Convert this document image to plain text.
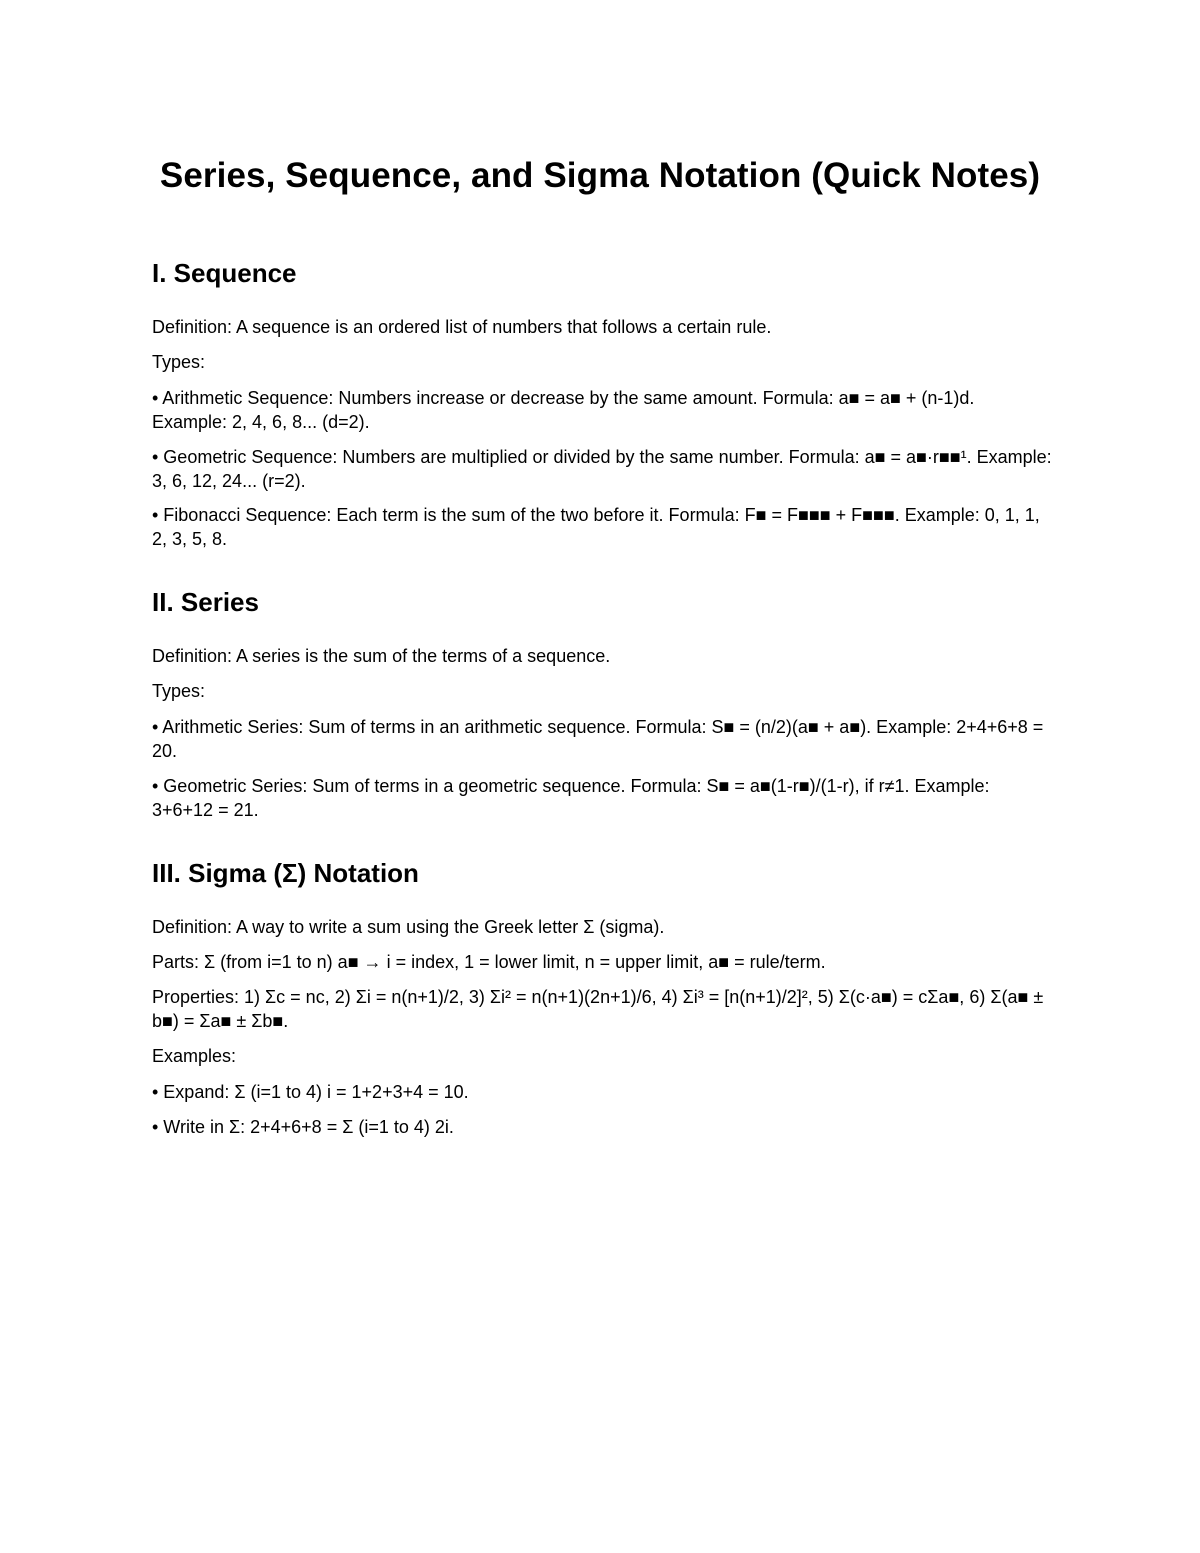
Series, Sequence, and Sigma Notation (Quick Notes)
I. Sequence

Definition: A sequence is an ordered list of numbers that follows a certain rule.

Types:

• Arithmetic Sequence: Numbers increase or decrease by the same amount. Formula: a■ = a■ + (n-1)d. Example: 2, 4, 6, 8... (d=2).

• Geometric Sequence: Numbers are multiplied or divided by the same number. Formula: a■ = a■·r■■¹. Example: 3, 6, 12, 24... (r=2).

• Fibonacci Sequence: Each term is the sum of the two before it. Formula: F■ = F■■■ + F■■■. Example: 0, 1, 1, 2, 3, 5, 8.

II. Series

Definition: A series is the sum of the terms of a sequence.

Types:

• Arithmetic Series: Sum of terms in an arithmetic sequence. Formula: S■ = (n/2)(a■ + a■). Example: 2+4+6+8 = 20.

• Geometric Series: Sum of terms in a geometric sequence. Formula: S■ = a■(1-r■)/(1-r), if r≠1. Example: 3+6+12 = 21.

III. Sigma (Σ) Notation

Definition: A way to write a sum using the Greek letter Σ (sigma).

Parts: Σ (from i=1 to n) a■ → i = index, 1 = lower limit, n = upper limit, a■ = rule/term.

Properties: 1) Σc = nc, 2) Σi = n(n+1)/2, 3) Σi² = n(n+1)(2n+1)/6, 4) Σi³ = [n(n+1)/2]², 5) Σ(c·a■) = cΣa■, 6) Σ(a■ ± b■) = Σa■ ± Σb■.

Examples:

• Expand: Σ (i=1 to 4) i = 1+2+3+4 = 10.

• Write in Σ: 2+4+6+8 = Σ (i=1 to 4) 2i.
